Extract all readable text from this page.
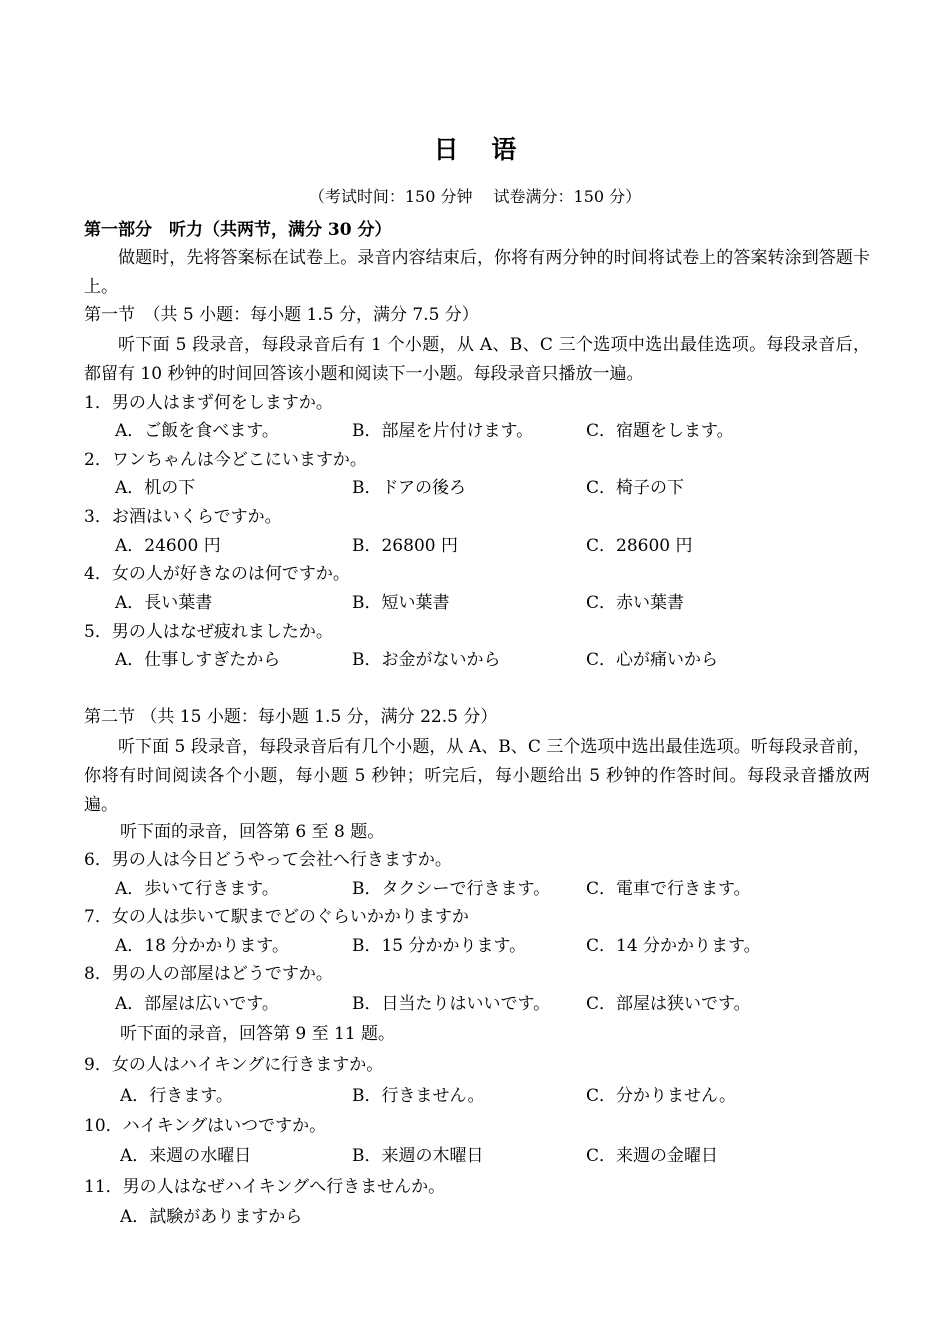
日 语
（考试时间：150 分钟　 试卷满分：150 分）
第一部分　听力（共两节，满分 30 分）
做题时，先将答案标在试卷上。录音内容结束后，你将有两分钟的时间将试卷上的答案转涂到答题卡上。
第一节　（共 5 小题：每小题 1.5 分，满分 7.5 分）
听下面 5 段录音，每段录音后有 1 个小题，从 A、B、C 三个选项中选出最佳选项。每段录音后，都留有 10 秒钟的时间回答该小题和阅读下一小题。每段录音只播放一遍。
1．男の人はまず何をしますか。
A．ご飯を食べます。	B．部屋を片付けます。	C．宿題をします。
2．ワンちゃんは今どこにいますか。
A．机の下	B．ドアの後ろ	C．椅子の下
3．お酒はいくらですか。
A．24600 円	B．26800 円	C．28600 円
4．女の人が好きなのは何ですか。
A．長い葉書	B．短い葉書	C．赤い葉書
5．男の人はなぜ疲れましたか。
A．仕事しすぎたから	B．お金がないから	C．心が痛いから
第二节 （共 15 小题：每小题 1.5 分，满分 22.5 分）
听下面 5 段录音，每段录音后有几个小题，从 A、B、C 三个选项中选出最佳选项。听每段录音前，你将有时间阅读各个小题，每小题 5 秒钟；听完后，每小题给出 5 秒钟的作答时间。每段录音播放两遍。
听下面的录音，回答第 6 至 8 题。
6．男の人は今日どうやって会社へ行きますか。
A．歩いて行きます。	B．タクシーで行きます。 C．電車で行きます。
7．女の人は歩いて駅までどのぐらいかかりますか
A．18 分かかります。	B．15 分かかります。	C．14 分かかります。
8．男の人の部屋はどうですか。
A．部屋は広いです。	B．日当たりはいいです。 C．部屋は狭いです。
听下面的录音，回答第 9 至 11 题。
9．女の人はハイキングに行きますか。
A．行きます。	B．行きません。	C．分かりません。
10．ハイキングはいつですか。
A．来週の水曜日	B．来週の木曜日	C．来週の金曜日
11．男の人はなぜハイキングへ行きませんか。
A．試験がありますから
